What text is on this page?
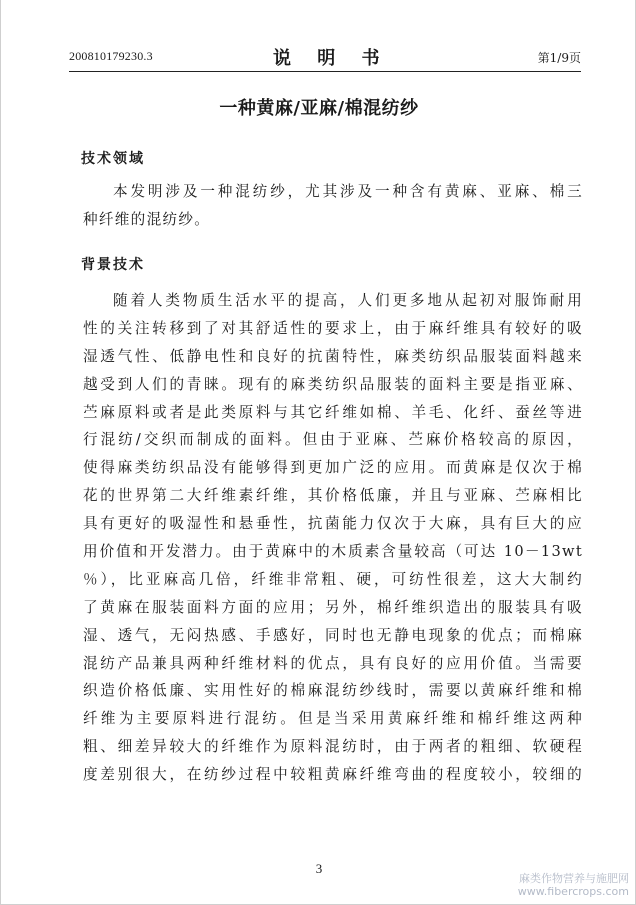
200810179230.3	说 明 书	第1/9页
一种黄麻/亚麻/棉混纺纱
技术领域
本发明涉及一种混纺纱，尤其涉及一种含有黄麻、亚麻、棉三
种纤维的混纺纱。
背景技术
随着人类物质生活水平的提高，人们更多地从起初对服饰耐用
性的关注转移到了对其舒适性的要求上，由于麻纤维具有较好的吸
湿透气性、低静电性和良好的抗菌特性，麻类纺织品服装面料越来
越受到人们的青睐。现有的麻类纺织品服装的面料主要是指亚麻、
苎麻原料或者是此类原料与其它纤维如棉、羊毛、化纤、蚕丝等进
行混纺/交织而制成的面料。但由于亚麻、苎麻价格较高的原因，
使得麻类纺织品没有能够得到更加广泛的应用。而黄麻是仅次于棉
花的世界第二大纤维素纤维，其价格低廉，并且与亚麻、苎麻相比
具有更好的吸湿性和悬垂性，抗菌能力仅次于大麻，具有巨大的应
用价值和开发潜力。由于黄麻中的木质素含量较高（可达 10－13wt
％），比亚麻高几倍，纤维非常粗、硬，可纺性很差，这大大制约
了黄麻在服装面料方面的应用；另外，棉纤维织造出的服装具有吸
湿、透气，无闷热感、手感好，同时也无静电现象的优点；而棉麻
混纺产品兼具两种纤维材料的优点，具有良好的应用价值。当需要
织造价格低廉、实用性好的棉麻混纺纱线时，需要以黄麻纤维和棉
纤维为主要原料进行混纺。但是当采用黄麻纤维和棉纤维这两种
粗、细差异较大的纤维作为原料混纺时，由于两者的粗细、软硬程
度差别很大，在纺纱过程中较粗黄麻纤维弯曲的程度较小，较细的
3
麻类作物营养与施肥网
www.fibercrops.com
